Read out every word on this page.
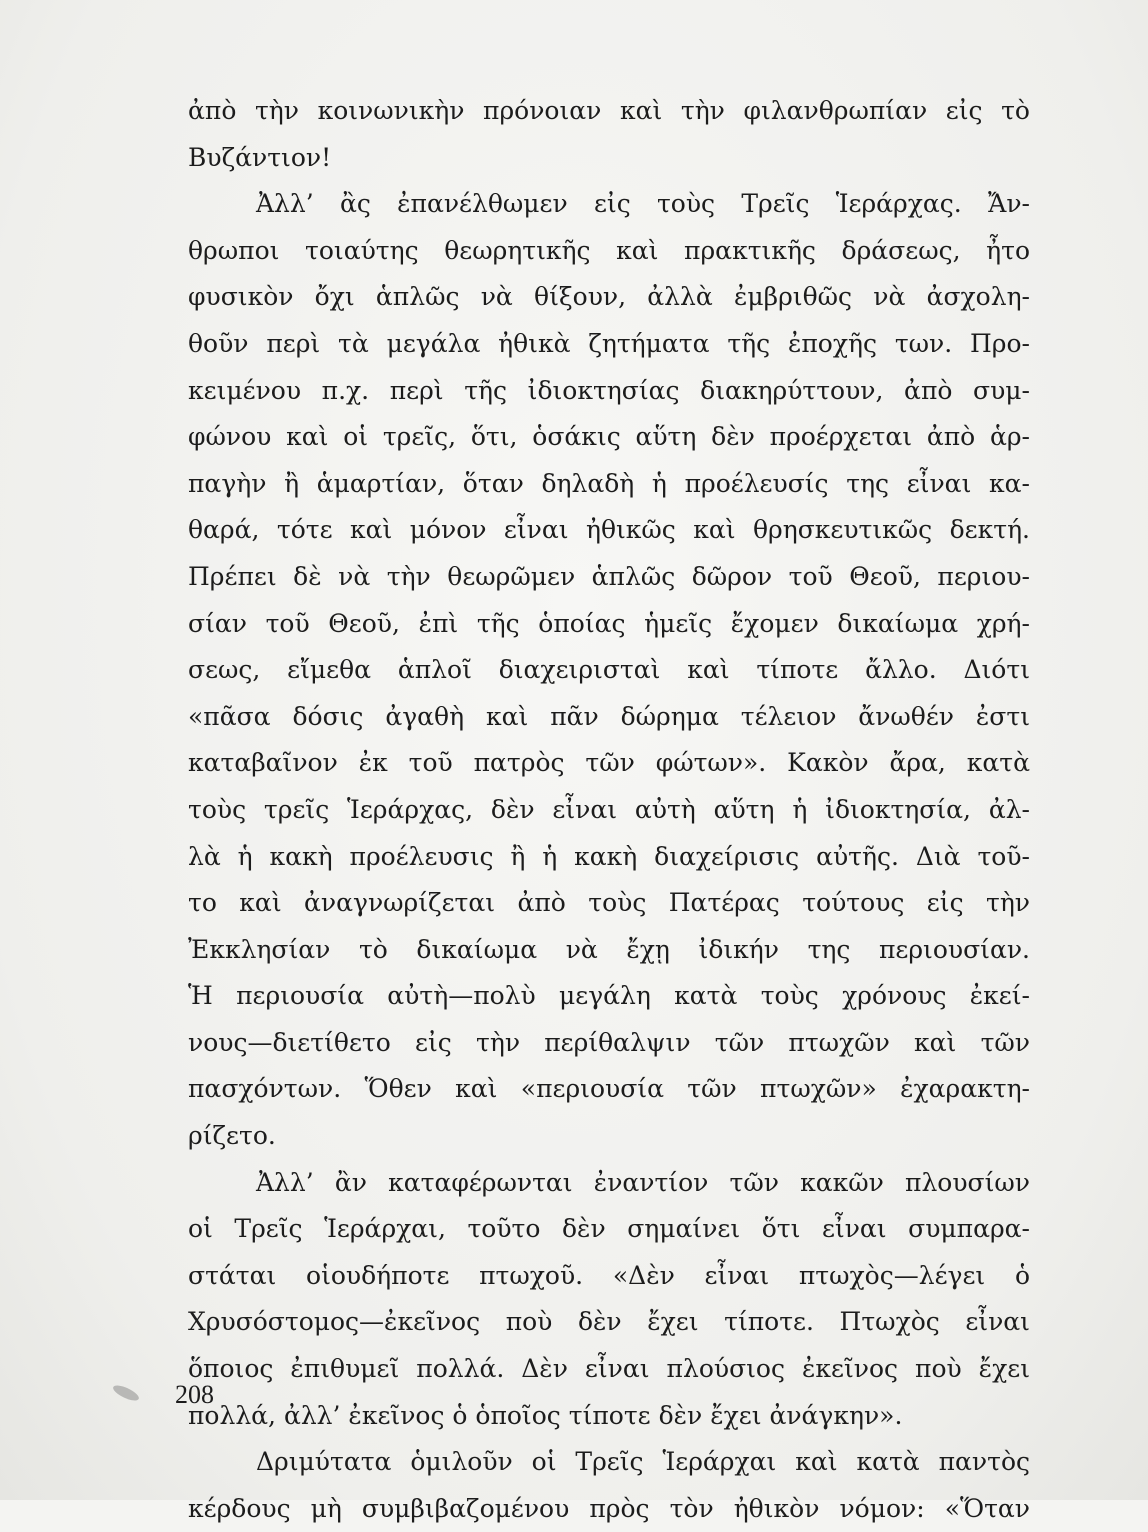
ἀπὸ τὴν κοινωνικὴν πρόνοιαν καὶ τὴν φιλανθρωπίαν εἰς τὸ
Βυζάντιον!
Ἀλλ’ ἂς ἐπανέλθωμεν εἰς τοὺς Τρεῖς Ἱεράρχας. Ἄν-
θρωποι τοιαύτης θεωρητικῆς καὶ πρακτικῆς δράσεως, ἦτο
φυσικὸν ὄχι ἁπλῶς νὰ θίξουν, ἀλλὰ ἐμβριθῶς νὰ ἀσχολη-
θοῦν περὶ τὰ μεγάλα ἠθικὰ ζητήματα τῆς ἐποχῆς των. Προ-
κειμένου π.χ. περὶ τῆς ἰδιοκτησίας διακηρύττουν, ἀπὸ συμ-
φώνου καὶ οἱ τρεῖς, ὅτι, ὁσάκις αὕτη δὲν προέρχεται ἀπὸ ἁρ-
παγὴν ἢ ἁμαρτίαν, ὅταν δηλαδὴ ἡ προέλευσίς της εἶναι κα-
θαρά, τότε καὶ μόνον εἶναι ἠθικῶς καὶ θρησκευτικῶς δεκτή.
Πρέπει δὲ νὰ τὴν θεωρῶμεν ἁπλῶς δῶρον τοῦ Θεοῦ, περιου-
σίαν τοῦ Θεοῦ, ἐπὶ τῆς ὁποίας ἡμεῖς ἔχομεν δικαίωμα χρή-
σεως, εἴμεθα ἁπλοῖ διαχειρισταὶ καὶ τίποτε ἄλλο. Διότι
«πᾶσα δόσις ἀγαθὴ καὶ πᾶν δώρημα τέλειον ἄνωθέν ἐστι
καταβαῖνον ἐκ τοῦ πατρὸς τῶν φώτων». Κακὸν ἄρα, κατὰ
τοὺς τρεῖς Ἱεράρχας, δὲν εἶναι αὐτὴ αὕτη ἡ ἰδιοκτησία, ἀλ-
λὰ ἡ κακὴ προέλευσις ἢ ἡ κακὴ διαχείρισις αὐτῆς. Διὰ τοῦ-
το καὶ ἀναγνωρίζεται ἀπὸ τοὺς Πατέρας τούτους εἰς τὴν
Ἐκκλησίαν τὸ δικαίωμα νὰ ἔχῃ ἰδικήν της περιουσίαν.
Ἡ περιουσία αὐτὴ—πολὺ μεγάλη κατὰ τοὺς χρόνους ἐκεί-
νους—διετίθετο εἰς τὴν περίθαλψιν τῶν πτωχῶν καὶ τῶν
πασχόντων. Ὅθεν καὶ «περιουσία τῶν πτωχῶν» ἐχαρακτη-
ρίζετο.
Ἀλλ’ ἂν καταφέρωνται ἐναντίον τῶν κακῶν πλουσίων
οἱ Τρεῖς Ἱεράρχαι, τοῦτο δὲν σημαίνει ὅτι εἶναι συμπαρα-
στάται οἱουδήποτε πτωχοῦ. «Δὲν εἶναι πτωχὸς—λέγει ὁ
Χρυσόστομος—ἐκεῖνος ποὺ δὲν ἔχει τίποτε. Πτωχὸς εἶναι
ὅποιος ἐπιθυμεῖ πολλά. Δὲν εἶναι πλούσιος ἐκεῖνος ποὺ ἔχει
πολλά, ἀλλ’ ἐκεῖνος ὁ ὁποῖος τίποτε δὲν ἔχει ἀνάγκην».
Δριμύτατα ὁμιλοῦν οἱ Τρεῖς Ἱεράρχαι καὶ κατὰ παντὸς
κέρδους μὴ συμβιβαζομένου πρὸς τὸν ἠθικὸν νόμον: «Ὅταν
208
